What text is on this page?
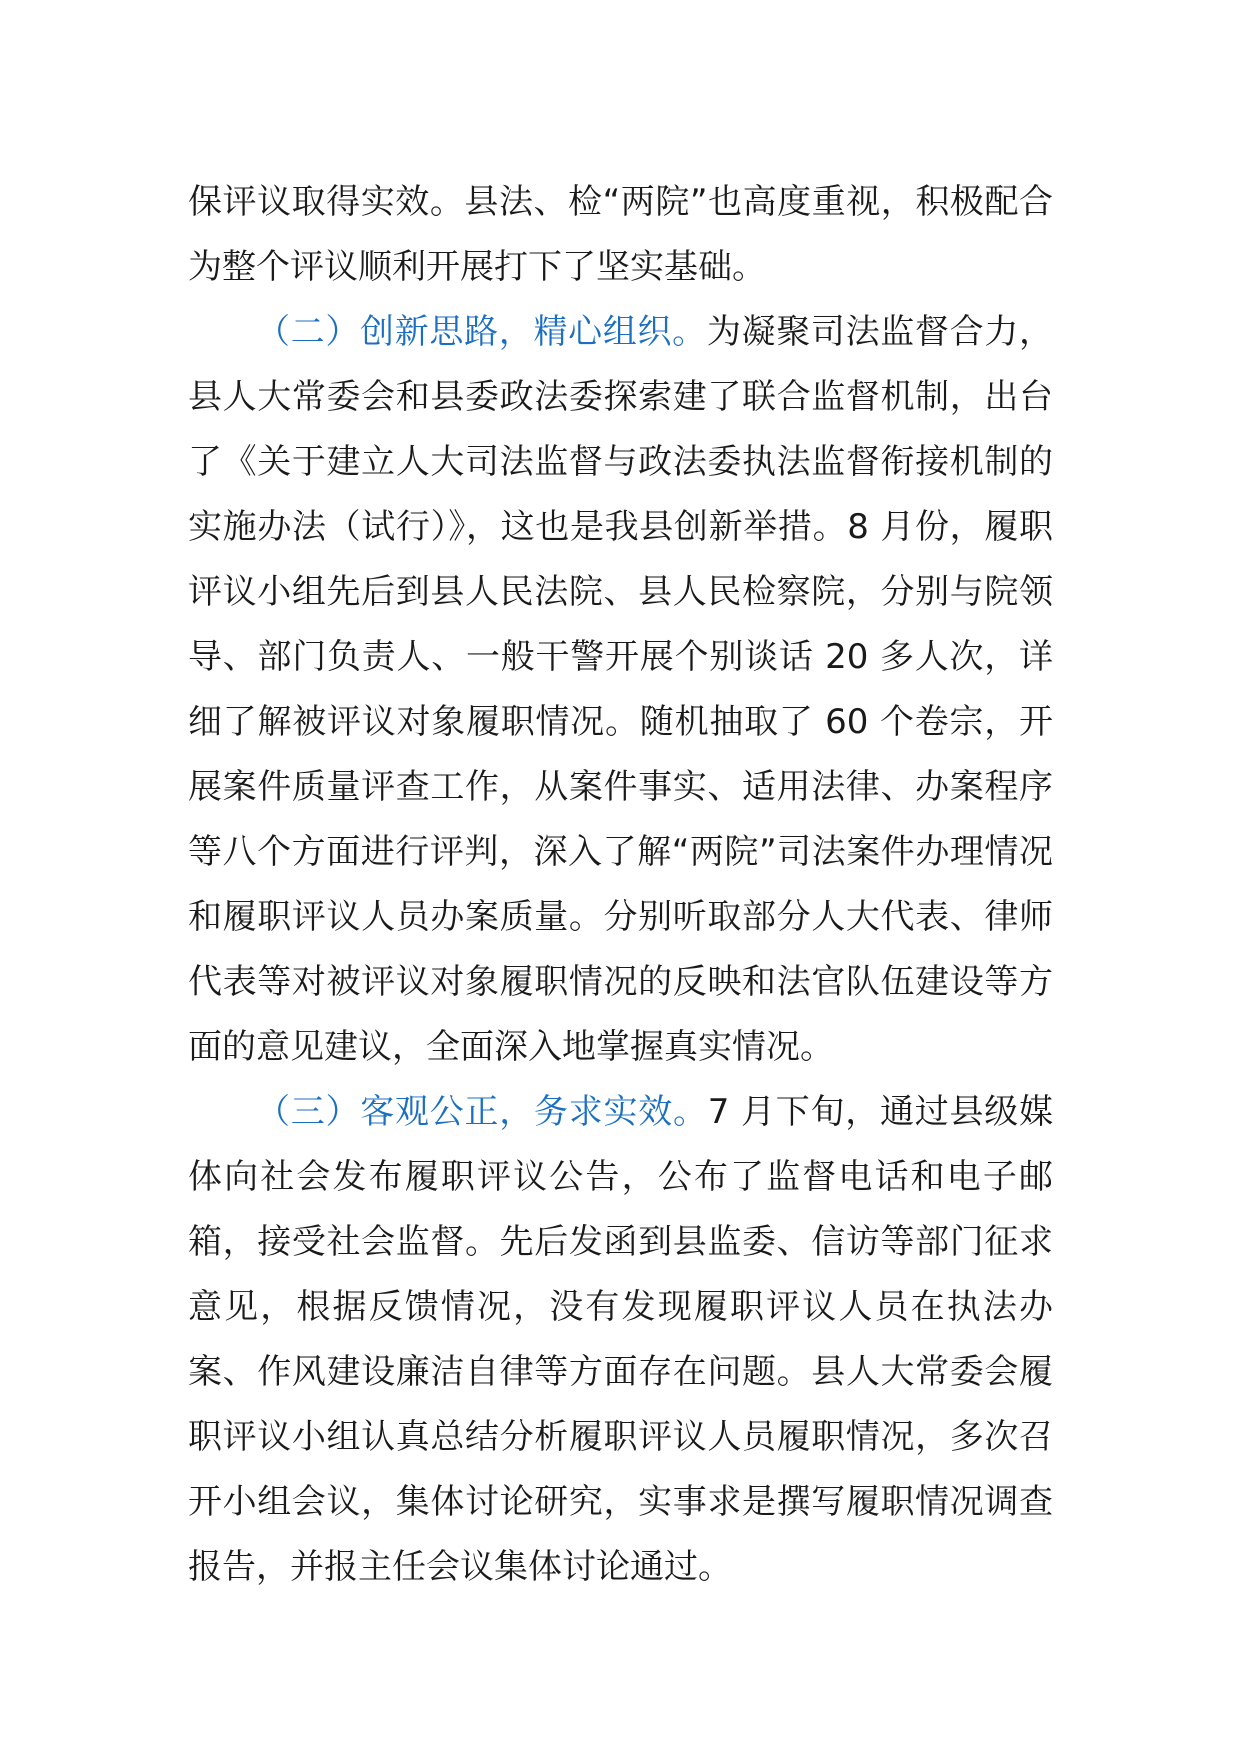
保评议取得实效。县法、检“两院”也高度重视，积极配合为整个评议顺利开展打下了坚实基础。

（二）创新思路，精心组织。为凝聚司法监督合力，县人大常委会和县委政法委探索建了联合监督机制，出台了《关于建立人大司法监督与政法委执法监督衔接机制的实施办法（试行）》，这也是我县创新举措。8 月份，履职评议小组先后到县人民法院、县人民检察院，分别与院领导、部门负责人、一般干警开展个别谈话 20 多人次，详细了解被评议对象履职情况。随机抽取了 60 个卷宗，开展案件质量评查工作，从案件事实、适用法律、办案程序等八个方面进行评判，深入了解“两院”司法案件办理情况和履职评议人员办案质量。分别听取部分人大代表、律师代表等对被评议对象履职情况的反映和法官队伍建设等方面的意见建议，全面深入地掌握真实情况。

（三）客观公正，务求实效。7 月下旬，通过县级媒体向社会发布履职评议公告，公布了监督电话和电子邮箱，接受社会监督。先后发函到县监委、信访等部门征求意见，根据反馈情况，没有发现履职评议人员在执法办案、作风建设廉洁自律等方面存在问题。县人大常委会履职评议小组认真总结分析履职评议人员履职情况，多次召开小组会议，集体讨论研究，实事求是撰写履职情况调查报告，并报主任会议集体讨论通过。
